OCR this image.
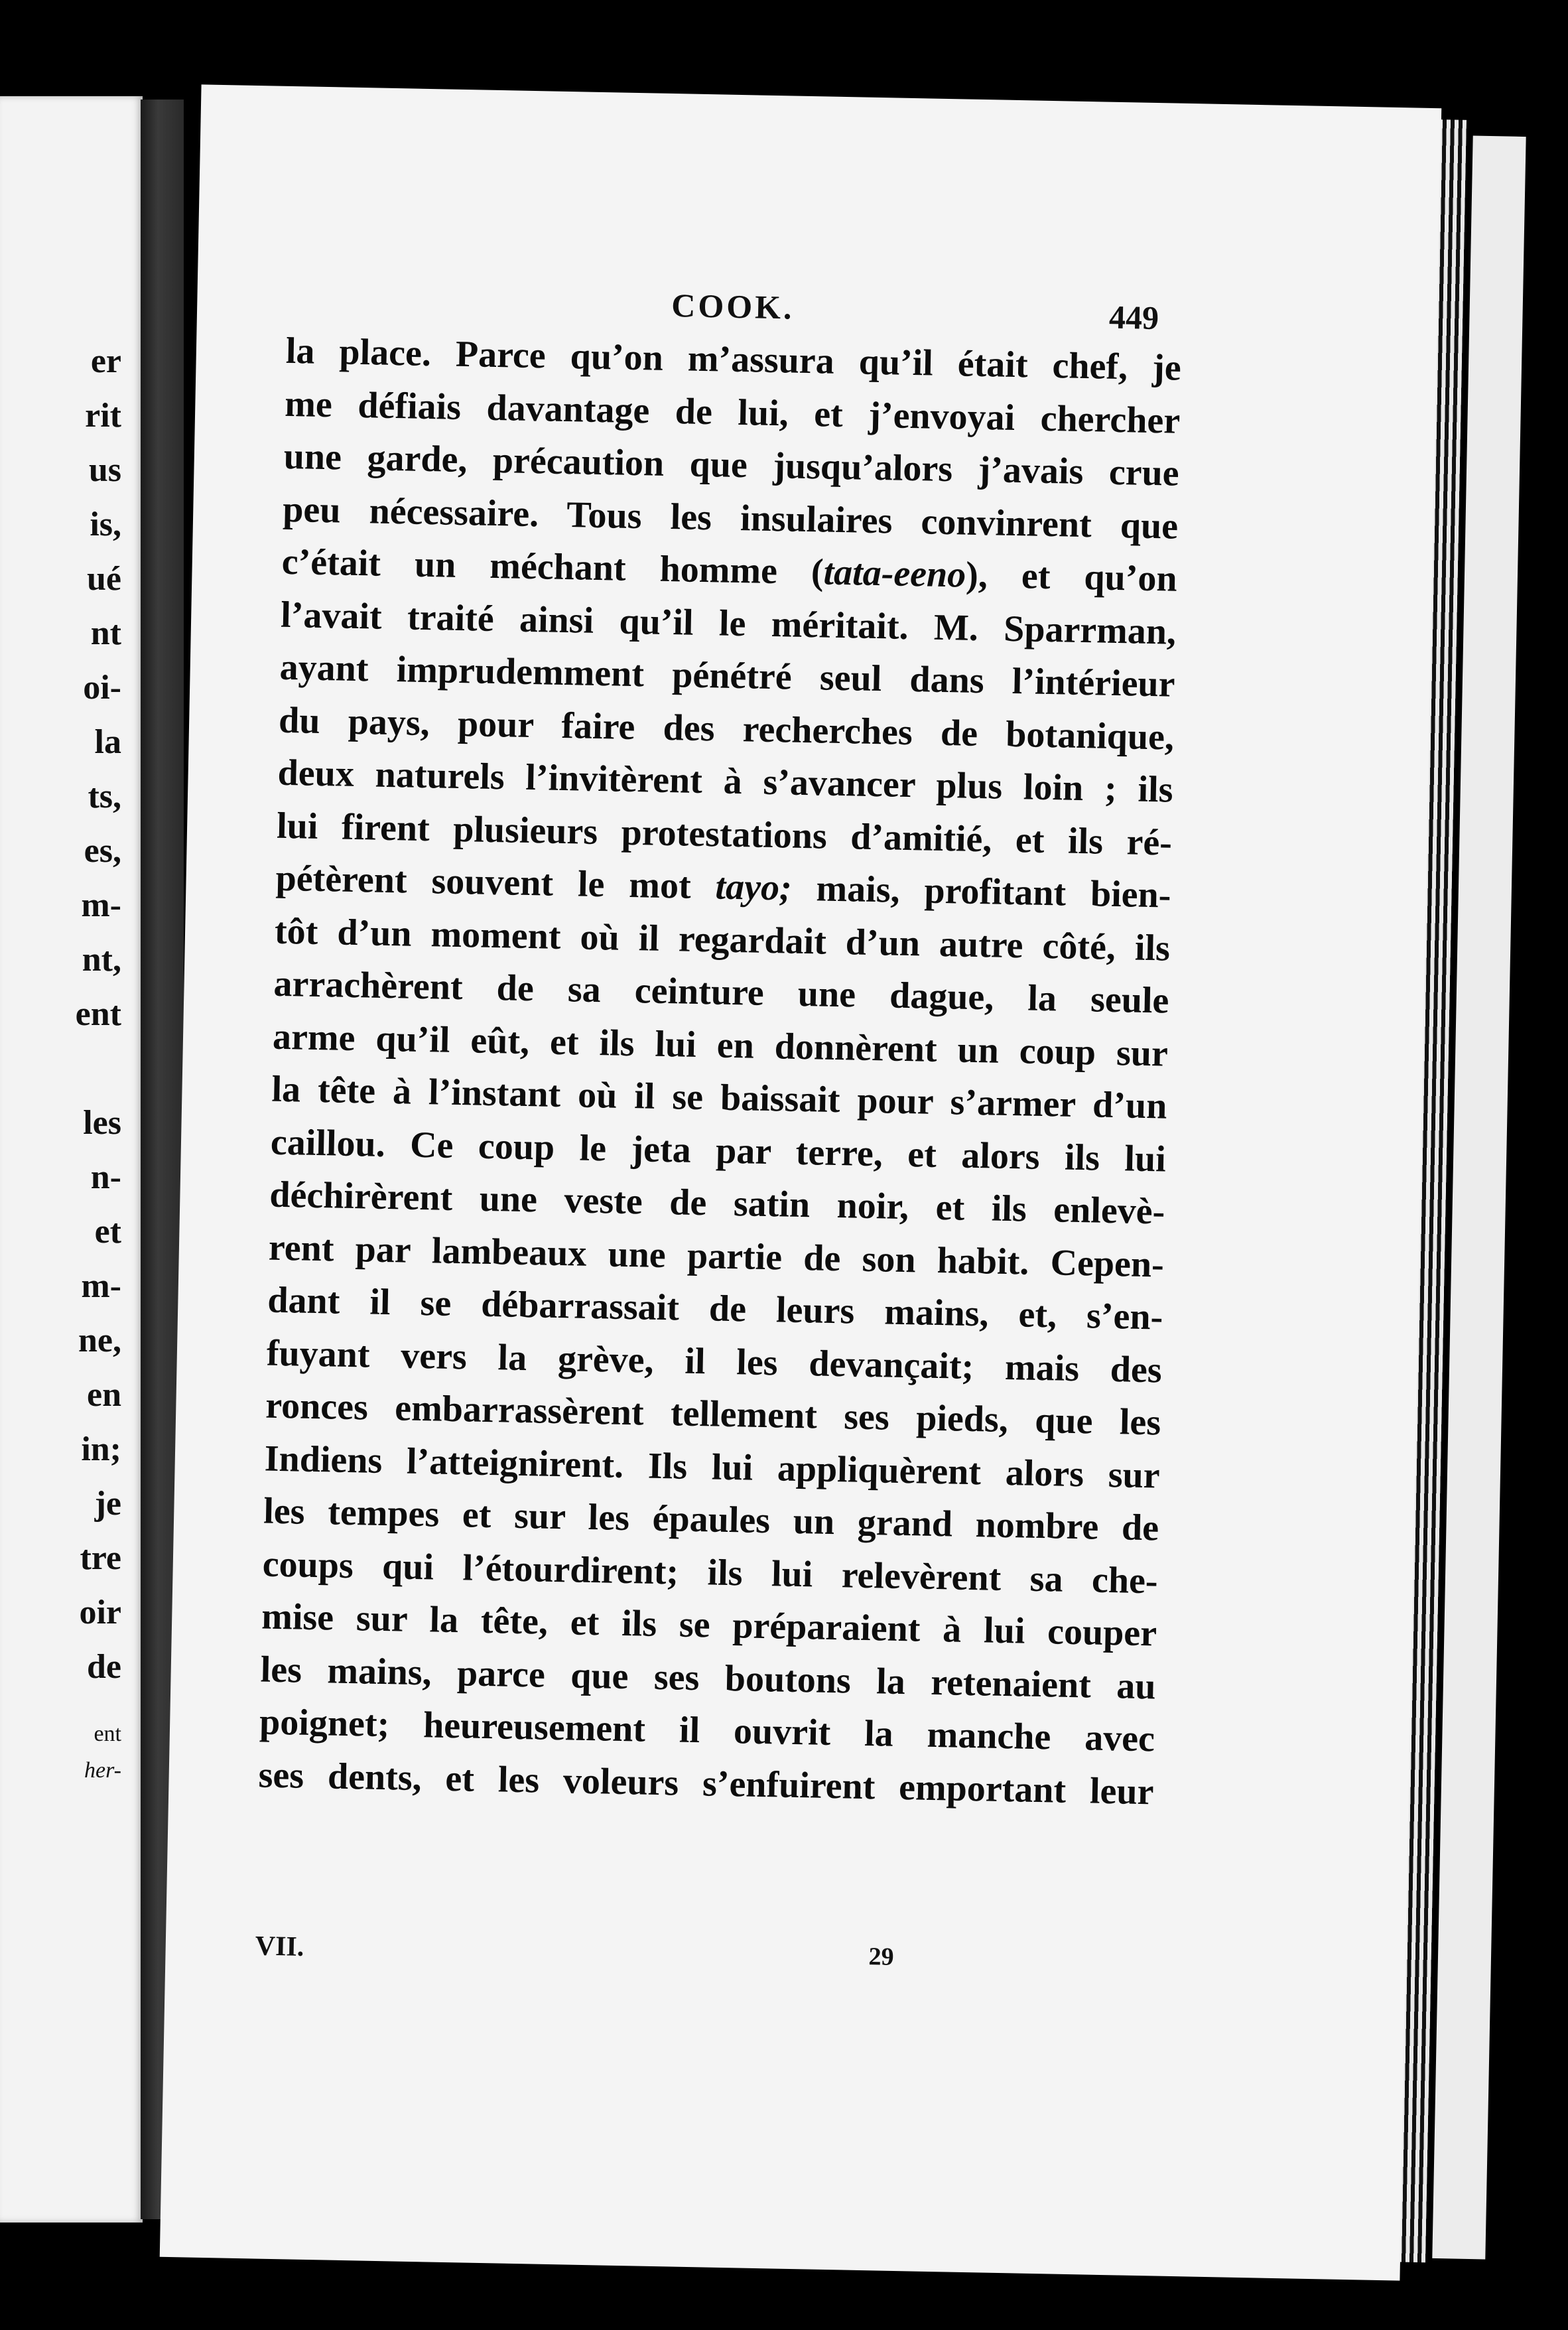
er
rit
us
is,
ué
nt
oi-
la
ts,
es,
m-
nt,
ent
les
n-
et
m-
ne,
en
in;
je
tre
oir
de
ent
her-
COOK.	449
la place. Parce qu’on m’assura qu’il était chef, je
me défiais davantage de lui, et j’envoyai chercher
une garde, précaution que jusqu’alors j’avais crue
peu nécessaire. Tous les insulaires convinrent que
c’était un méchant homme (tata-eeno), et qu’on
l’avait traité ainsi qu’il le méritait. M. Sparrman,
ayant imprudemment pénétré seul dans l’intérieur
du pays, pour faire des recherches de botanique,
deux naturels l’invitèrent à s’avancer plus loin ; ils
lui firent plusieurs protestations d’amitié, et ils ré-
pétèrent souvent le mot tayo; mais, profitant bien-
tôt d’un moment où il regardait d’un autre côté, ils
arrachèrent de sa ceinture une dague, la seule
arme qu’il eût, et ils lui en donnèrent un coup sur
la tête à l’instant où il se baissait pour s’armer d’un
caillou. Ce coup le jeta par terre, et alors ils lui
déchirèrent une veste de satin noir, et ils enlevè-
rent par lambeaux une partie de son habit. Cepen-
dant il se débarrassait de leurs mains, et, s’en-
fuyant vers la grève, il les devançait; mais des
ronces embarrassèrent tellement ses pieds, que les
Indiens l’atteignirent. Ils lui appliquèrent alors sur
les tempes et sur les épaules un grand nombre de
coups qui l’étourdirent; ils lui relevèrent sa che-
mise sur la tête, et ils se préparaient à lui couper
les mains, parce que ses boutons la retenaient au
poignet; heureusement il ouvrit la manche avec
ses dents, et les voleurs s’enfuirent emportant leur
VII.	29
